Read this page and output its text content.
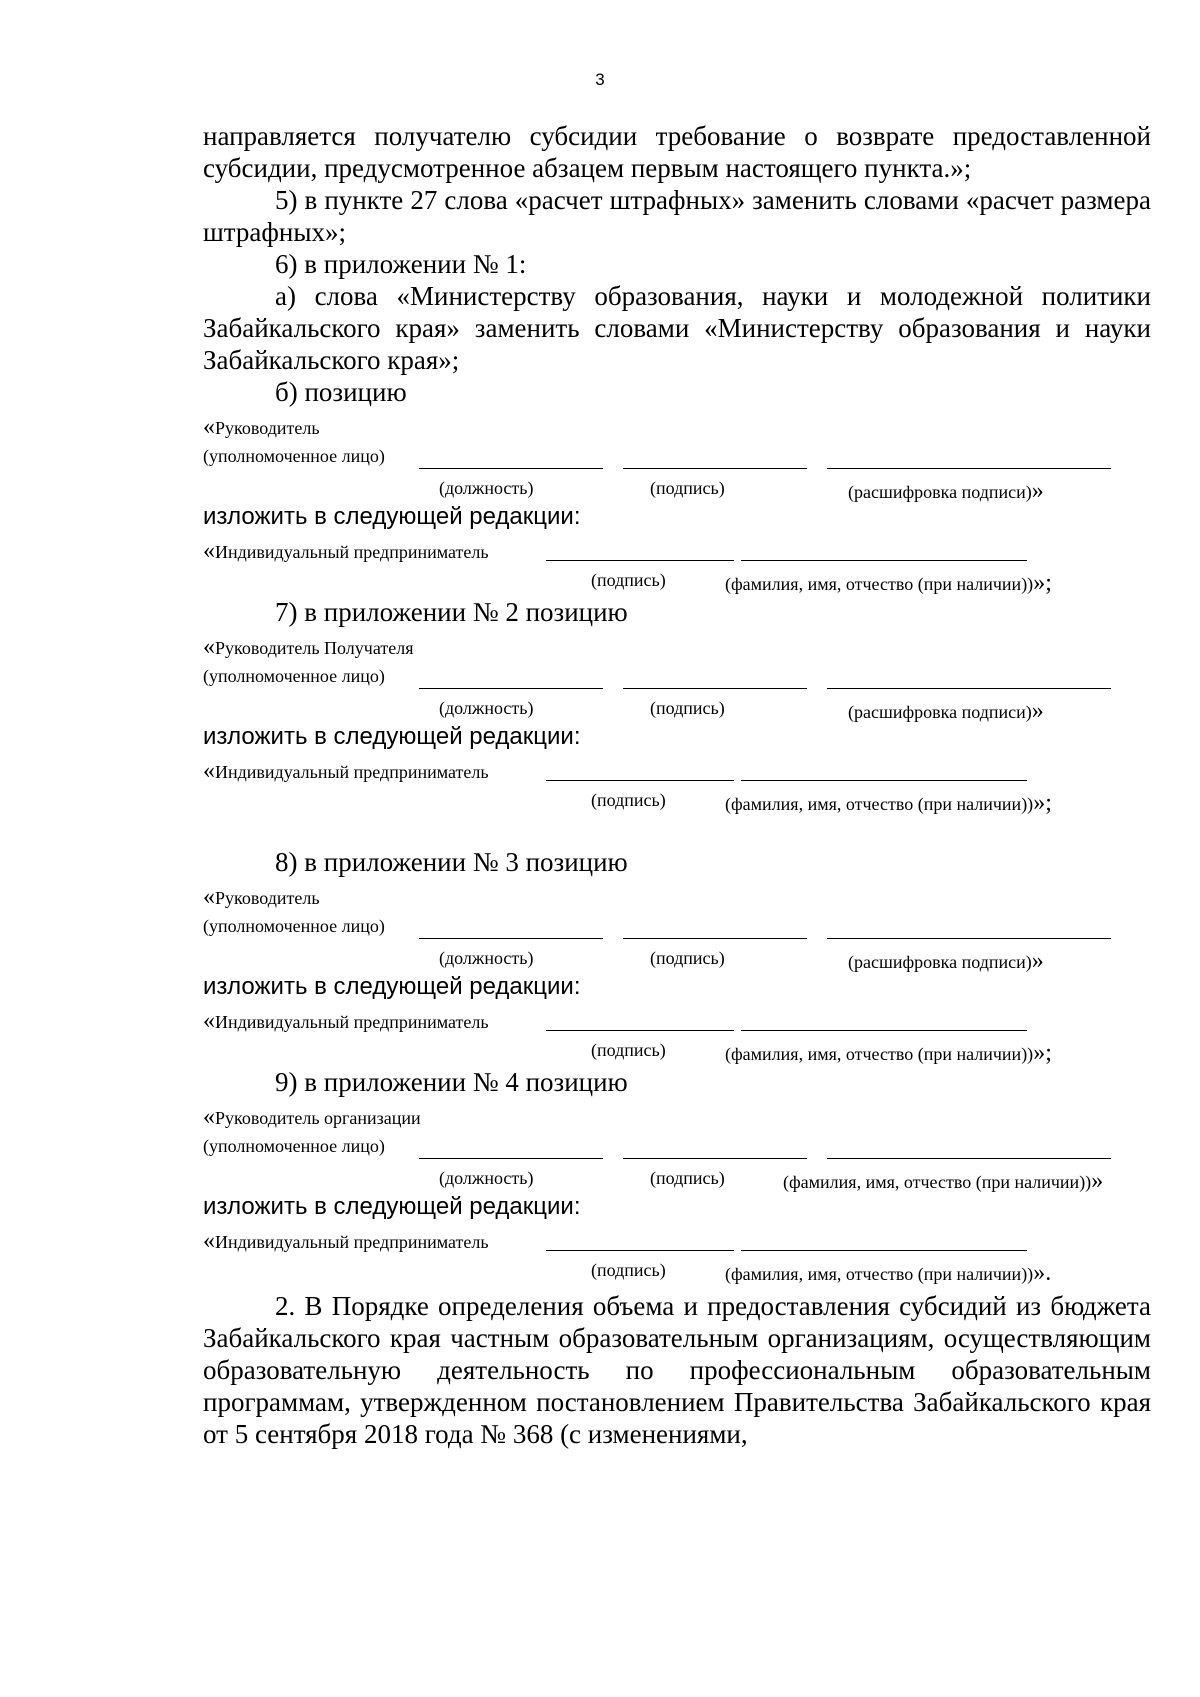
3

направляется получателю субсидии требование о возврате предоставленной субсидии, предусмотренное абзацем первым настоящего пункта.»;

5) в пункте 27 слова «расчет штрафных» заменить словами «расчет размера штрафных»;

6) в приложении № 1:

а) слова «Министерству образования, науки и молодежной политики Забайкальского края» заменить словами «Министерству образования и науки Забайкальского края»;

б) позицию

«Руководитель
(уполномоченное лицо)
(должность)	(подпись)	(расшифровка подписи)»

изложить в следующей редакции:

«Индивидуальный предприниматель
(подпись)	(фамилия, имя, отчество (при наличии))»;

7) в приложении № 2 позицию

«Руководитель Получателя
(уполномоченное лицо)
(должность)	(подпись)	(расшифровка подписи)»

изложить в следующей редакции:

«Индивидуальный предприниматель
(подпись)	(фамилия, имя, отчество (при наличии))»;

8) в приложении № 3 позицию

«Руководитель
(уполномоченное лицо)
(должность)	(подпись)	(расшифровка подписи)»

изложить в следующей редакции:

«Индивидуальный предприниматель
(подпись)	(фамилия, имя, отчество (при наличии))»;

9) в приложении № 4 позицию

«Руководитель организации
(уполномоченное лицо)
(должность)	(подпись)	(фамилия, имя, отчество (при наличии))»

изложить в следующей редакции:

«Индивидуальный предприниматель
(подпись)	(фамилия, имя, отчество (при наличии))».

2. В Порядке определения объема и предоставления субсидий из бюджета Забайкальского края частным образовательным организациям, осуществляющим образовательную деятельность по профессиональным образовательным программам, утвержденном постановлением Правительства Забайкальского края от 5 сентября 2018 года № 368 (с изменениями,
